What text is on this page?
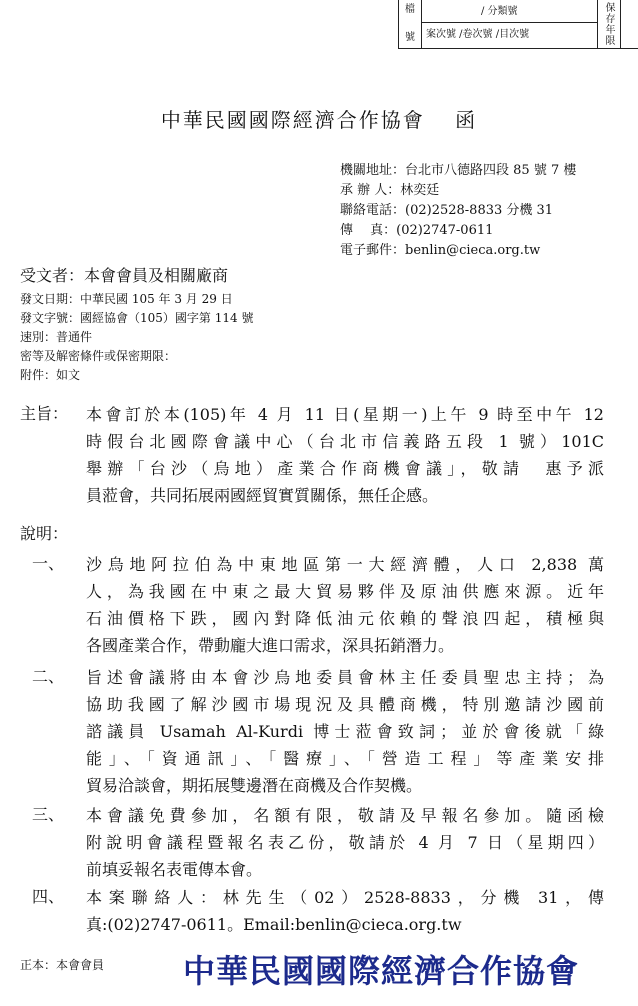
檔
號
/ 分類號
案次號 /卷次號 /目次號	保存年限
中華民國國際經濟合作協會　 函
機關地址：台北市八德路四段 85 號 7 樓
承 辦 人：林奕廷
聯絡電話：(02)2528-8833 分機 31
傳　 真：(02)2747-0611
電子郵件：benlin@cieca.org.tw
受文者：本會會員及相關廠商
發文日期：中華民國 105 年 3 月 29 日
發文字號：國經協會（105）國字第 114 號
速別：普通件
密等及解密條件或保密期限：
附件：如文
主旨： 本會訂於本(105)年 4 月 11 日(星期一)上午 9 時至中午 12
時假台北國際會議中心（台北市信義路五段 1 號）101C
舉辦「台沙（烏地）產業合作商機會議」，敬請　惠予派
員蒞會，共同拓展兩國經貿實質關係，無任企感。
說明：
一、 沙烏地阿拉伯為中東地區第一大經濟體，人口 2,838 萬
人，為我國在中東之最大貿易夥伴及原油供應來源。近年
石油價格下跌，國內對降低油元依賴的聲浪四起，積極與
各國產業合作，帶動龐大進口需求，深具拓銷潛力。
二、 旨述會議將由本會沙烏地委員會林主任委員聖忠主持；為
協助我國了解沙國市場現況及具體商機，特別邀請沙國前
諮議員 Usamah Al-Kurdi 博士蒞會致詞；並於會後就「綠
能」、「資通訊」、「醫療」、「營造工程」等產業安排
貿易洽談會，期拓展雙邊潛在商機及合作契機。
三、 本會議免費參加，名額有限，敬請及早報名參加。隨函檢
附說明會議程暨報名表乙份，敬請於 4 月 7 日（星期四）
前填妥報名表電傳本會。
四、 本案聯絡人：林先生（02）2528-8833，分機 31，傳
真:(02)2747-0611。Email:benlin@cieca.org.tw
正本：本會會員 中華民國國際經濟合作協會
